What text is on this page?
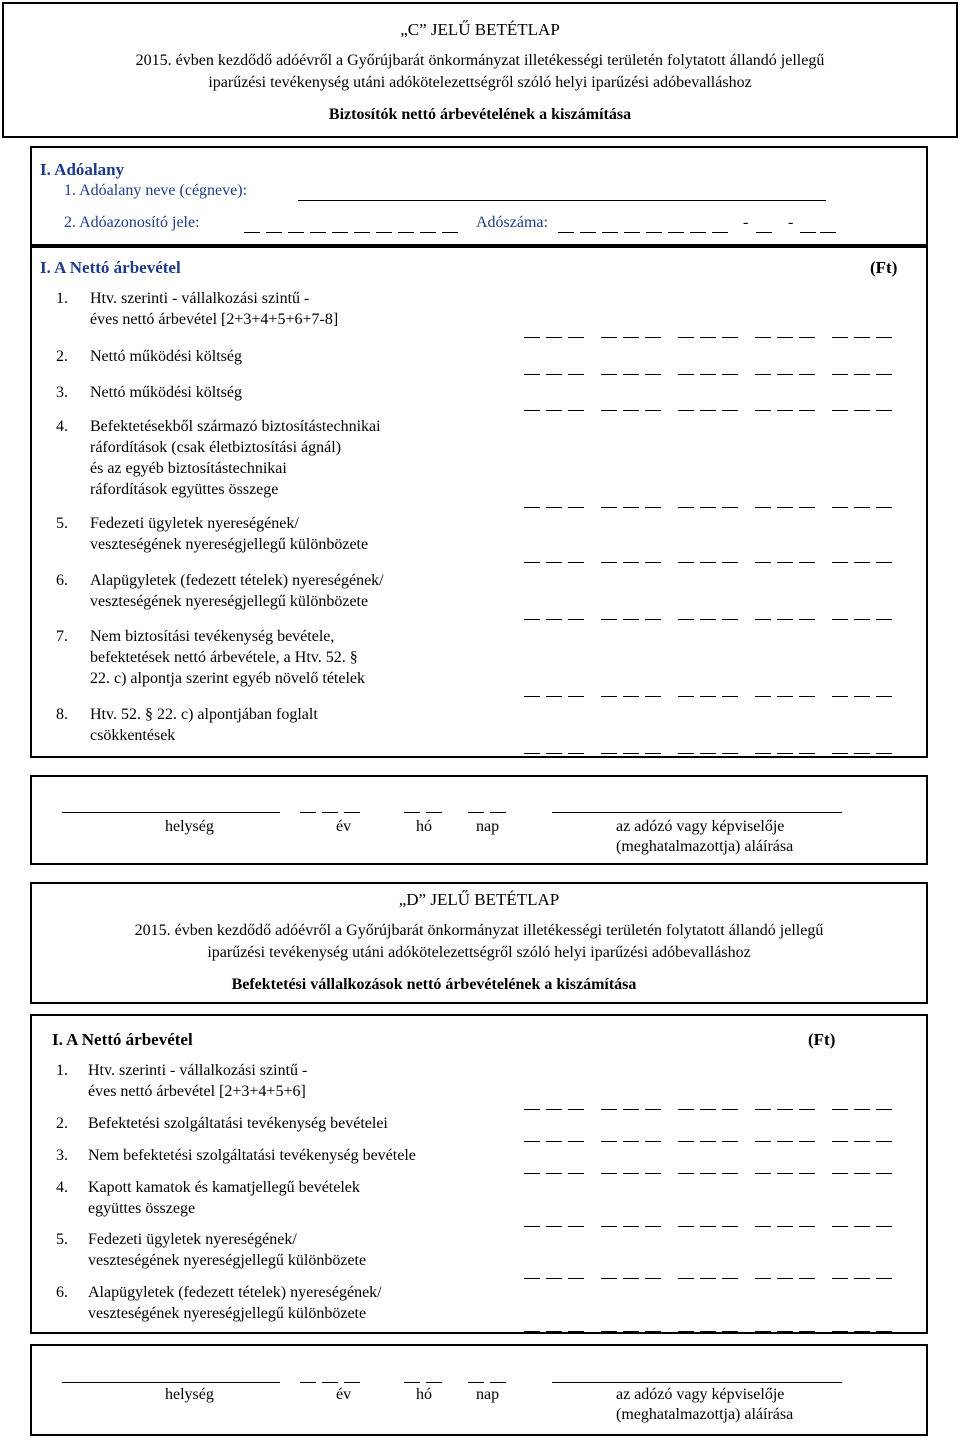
„C” JELŰ BETÉTLAP
2015. évben kezdődő adóévről a Győrújbarát önkormányzat illetékességi területén folytatott állandó jellegű
iparűzési tevékenység utáni adókötelezettségről szóló helyi iparűzési adóbevalláshoz
Biztosítók nettó árbevételének a kiszámítása
I. Adóalany
1. Adóalany neve (cégneve):
2. Adóazonosító jele:	Adószáma:	- -
I. A Nettó árbevétel	(Ft)
1. Htv. szerinti - vállalkozási szintű -
éves nettó árbevétel [2+3+4+5+6+7-8]
2. Nettó működési költség
3. Nettó működési költség
4. Befektetésekből származó biztosítástechnikai
ráfordítások (csak életbiztosítási ágnál)
és az egyéb biztosítástechnikai
ráfordítások együttes összege
5. Fedezeti ügyletek nyereségének/
veszteségének nyereségjellegű különbözete
6. Alapügyletek (fedezett tételek) nyereségének/
veszteségének nyereségjellegű különbözete
7. Nem biztosítási tevékenység bevétele,
befektetések nettó árbevétele, a Htv. 52. §
22. c) alpontja szerint egyéb növelő tételek
8. Htv. 52. § 22. c) alpontjában foglalt
csökkentések
helység	év	hó	nap	az adózó vagy képviselője
(meghatalmazottja) aláírása
„D” JELŰ BETÉTLAP
2015. évben kezdődő adóévről a Győrújbarát önkormányzat illetékességi területén folytatott állandó jellegű
iparűzési tevékenység utáni adókötelezettségről szóló helyi iparűzési adóbevalláshoz
Befektetési vállalkozások nettó árbevételének a kiszámítása
I. A Nettó árbevétel	(Ft)
1. Htv. szerinti - vállalkozási szintű -
éves nettó árbevétel [2+3+4+5+6]
2. Befektetési szolgáltatási tevékenység bevételei
3. Nem befektetési szolgáltatási tevékenység bevétele
4. Kapott kamatok és kamatjellegű bevételek
együttes összege
5. Fedezeti ügyletek nyereségének/
veszteségének nyereségjellegű különbözete
6. Alapügyletek (fedezett tételek) nyereségének/
veszteségének nyereségjellegű különbözete
helység	év	hó	nap	az adózó vagy képviselője
(meghatalmazottja) aláírása
